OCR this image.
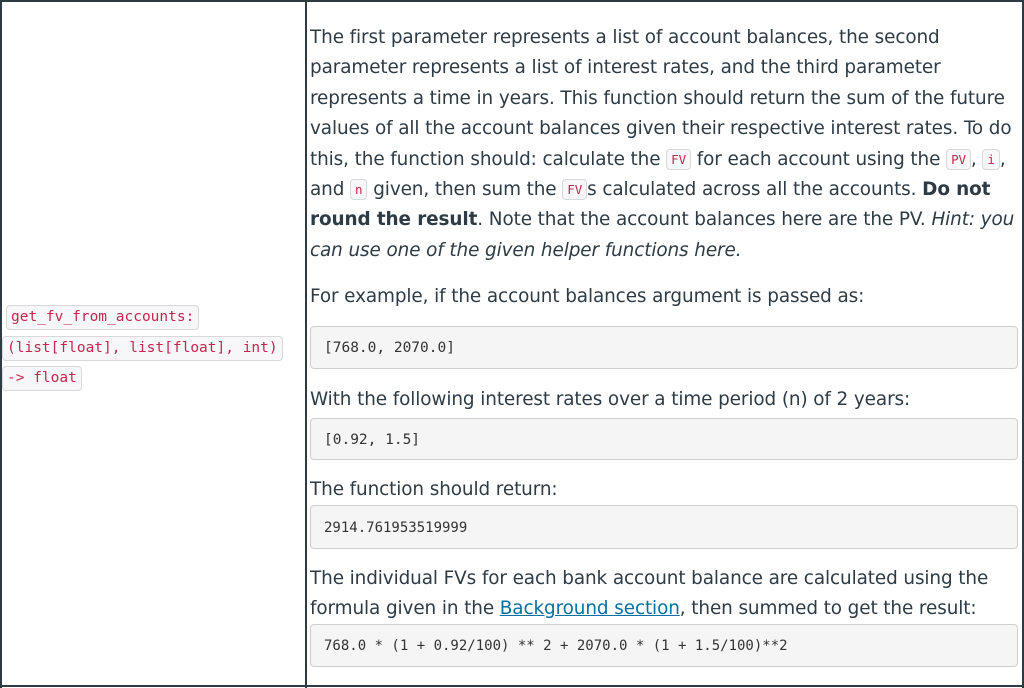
get_fv_from_accounts:
(list[float], list[float], int)
-> float

The first parameter represents a list of account balances, the second parameter represents a list of interest rates, and the third parameter represents a time in years. This function should return the sum of the future values of all the account balances given their respective interest rates. To do this, the function should: calculate the FV for each account using the PV , i , and n given, then sum the FV s calculated across all the accounts. Do not round the result. Note that the account balances here are the PV. Hint: you can use one of the given helper functions here.

For example, if the account balances argument is passed as:

[768.0, 2070.0]

With the following interest rates over a time period (n) of 2 years:

[0.92, 1.5]

The function should return:

2914.761953519999

The individual FVs for each bank account balance are calculated using the formula given in the Background section, then summed to get the result:

768.0 * (1 + 0.92/100) ** 2 + 2070.0 * (1 + 1.5/100)**2
